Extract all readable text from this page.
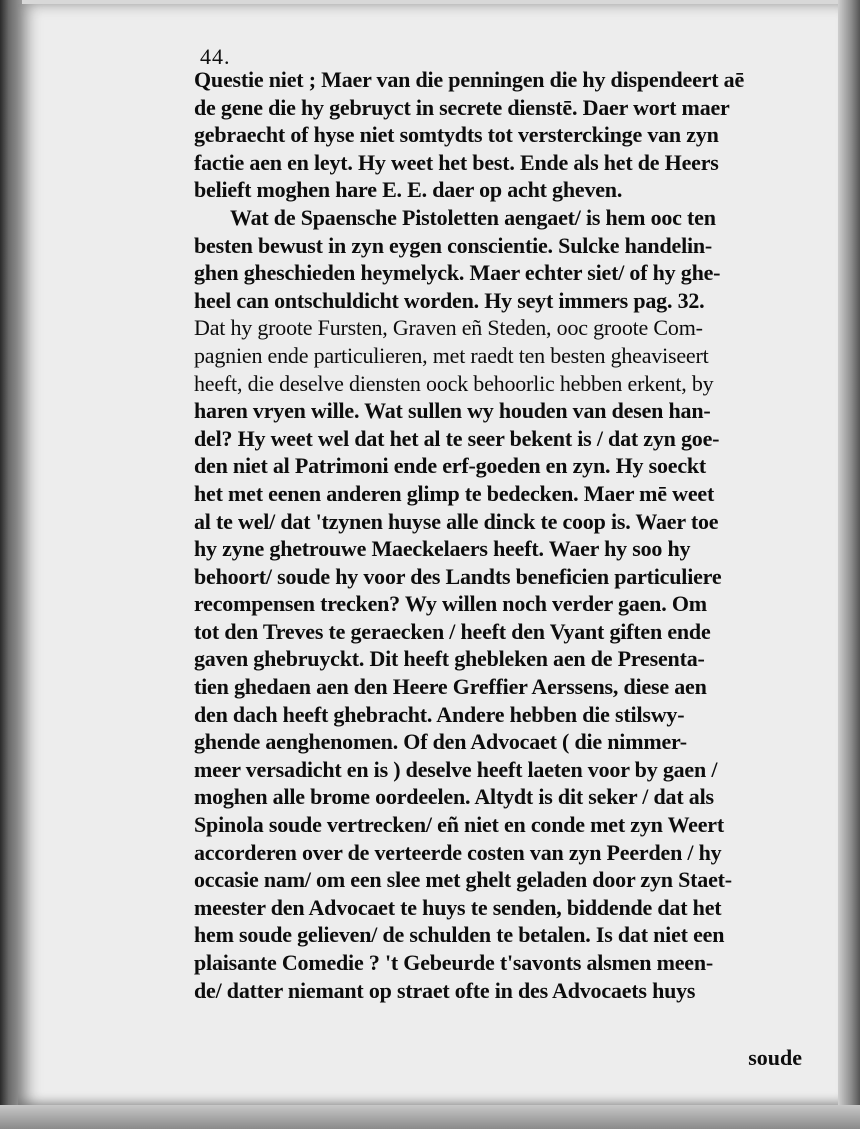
44.
Questie niet ; Maer van die penningen die hy dispendeert aē
de gene die hy gebruyct in secrete dienstē. Daer wort maer
gebraecht of hyse niet somtydts tot versterckinge van zyn
factie aen en leyt. Hy weet het best. Ende als het de Heers
belieft moghen hare E. E. daer op acht gheven.
Wat de Spaensche Pistoletten aengaet/ is hem ooc ten
besten bewust in zyn eygen conscientie. Sulcke handelin-
ghen gheschieden heymelyck. Maer echter siet/ of hy ghe-
heel can ontschuldicht worden. Hy seyt immers pag. 32.
Dat hy groote Fursten, Graven eñ Steden, ooc groote Com-
pagnien ende particulieren, met raedt ten besten gheaviseert
heeft, die deselve diensten oock behoorlic hebben erkent, by
haren vryen wille. Wat sullen wy houden van desen han-
del? Hy weet wel dat het al te seer bekent is / dat zyn goe-
den niet al Patrimoni ende erf-goeden en zyn. Hy soeckt
het met eenen anderen glimp te bedecken. Maer mē weet
al te wel/ dat 'tzynen huyse alle dinck te coop is. Waer toe
hy zyne ghetrouwe Maeckelaers heeft. Waer hy soo hy
behoort/ soude hy voor des Landts beneficien particuliere
recompensen trecken? Wy willen noch verder gaen. Om
tot den Treves te geraecken / heeft den Vyant giften ende
gaven ghebruyckt. Dit heeft ghebleken aen de Presenta-
tien ghedaen aen den Heere Greffier Aerssens, diese aen
den dach heeft ghebracht. Andere hebben die stilswy-
ghende aenghenomen. Of den Advocaet ( die nimmer-
meer versadicht en is ) deselve heeft laeten voor by gaen /
moghen alle brome oordeelen. Altydt is dit seker / dat als
Spinola soude vertrecken/ eñ niet en conde met zyn Weert
accorderen over de verteerde costen van zyn Peerden / hy
occasie nam/ om een slee met ghelt geladen door zyn Staet-
meester den Advocaet te huys te senden, biddende dat het
hem soude gelieven/ de schulden te betalen. Is dat niet een
plaisante Comedie ? 't Gebeurde t'savonts alsmen meen-
de/ datter niemant op straet ofte in des Advocaets huys
soude
